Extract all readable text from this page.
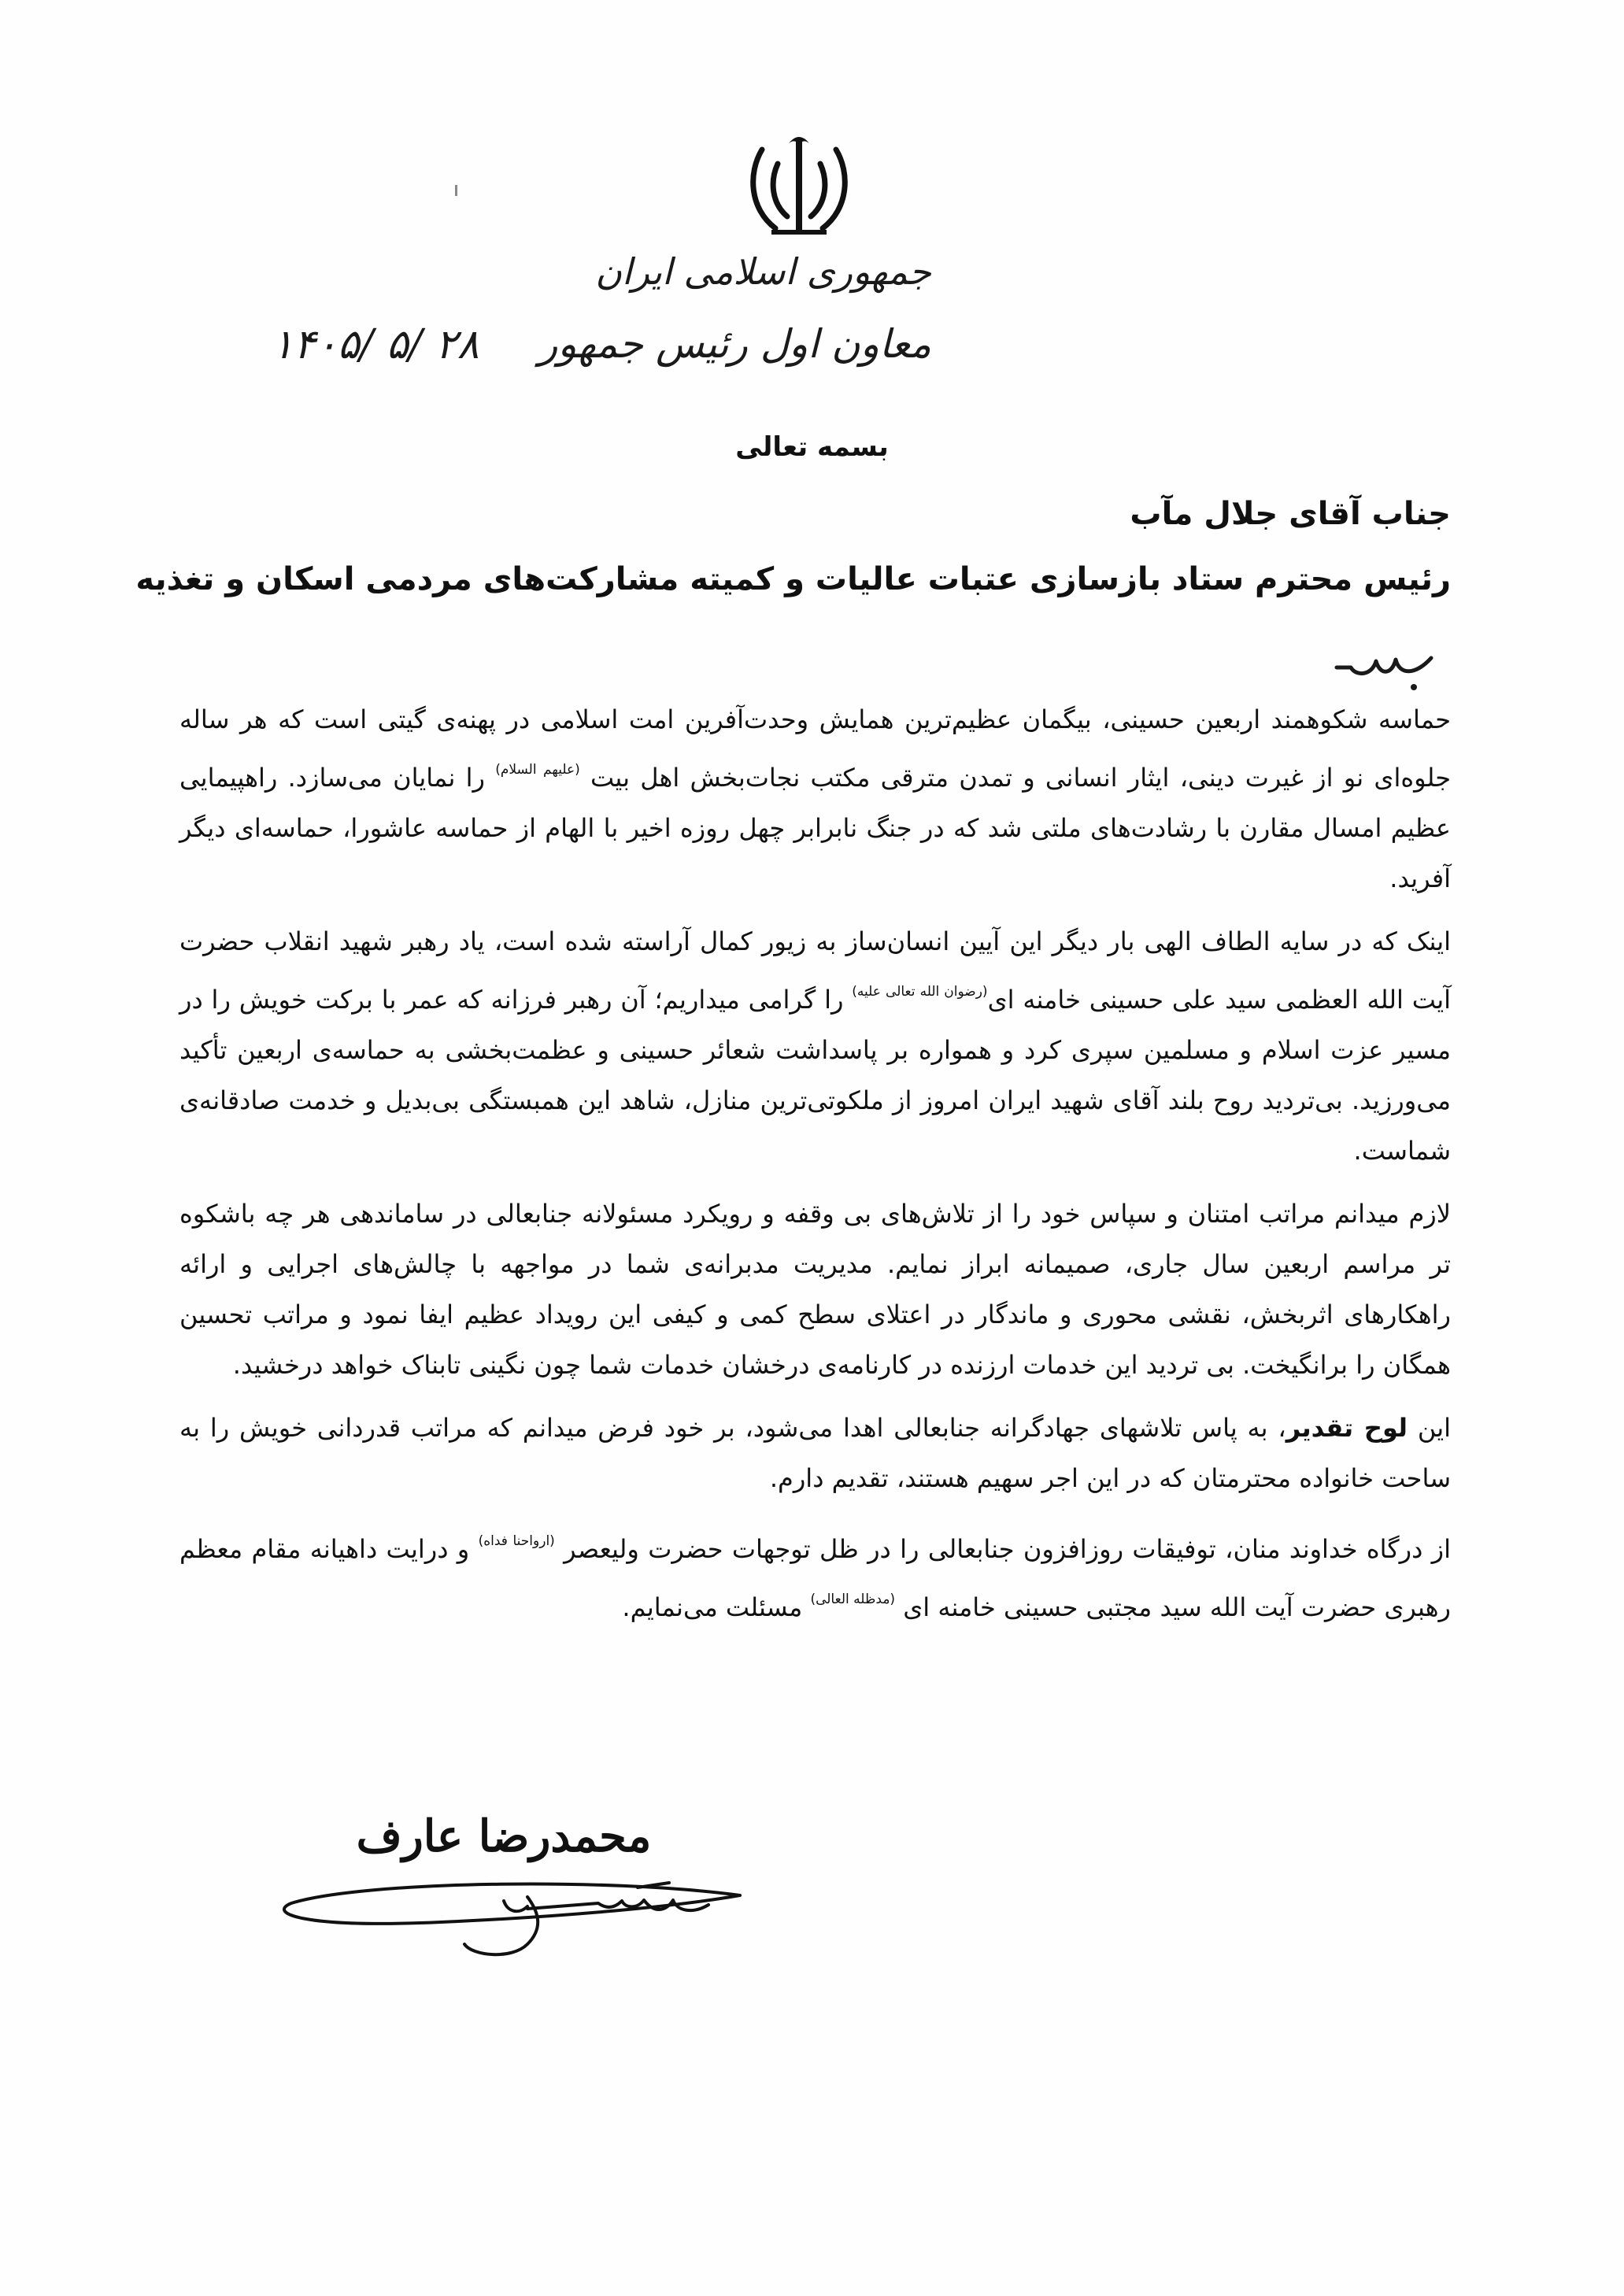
جمهوری اسلامی ایران
معاون اول رئیس جمهور
۱۴۰۵/ ۵/ ۲۸
بسمه تعالی
جناب آقای جلال مآب
رئیس محترم ستاد بازسازی عتبات عالیات و کمیته مشارکت‌های مردمی اسکان و تغذیه

حماسه شکوهمند اربعین حسینی، بیگمان عظیم‌ترین همایش وحدت‌آفرین امت اسلامی در پهنه‌ی گیتی است که هر ساله جلوه‌ای نو از غیرت دینی، ایثار انسانی و تمدن مترقی مکتب نجات‌بخش اهل بیت $^{(علیهم السلام)}$ را نمایان می‌سازد. راهپیمایی عظیم امسال مقارن با رشادت‌های ملتی شد که در جنگ نابرابر چهل روزه اخیر با الهام از حماسه عاشورا، حماسه‌ای دیگر آفرید.

اینک که در سایه الطاف الهی بار دیگر این آیین انسان‌ساز به زیور کمال آراسته شده است، یاد رهبر شهید انقلاب حضرت آیت الله العظمی سید علی حسینی خامنه ای$^{(رضوان الله تعالی علیه)}$ را گرامی میداریم؛ آن رهبر فرزانه که عمر با برکت خویش را در مسیر عزت اسلام و مسلمین سپری کرد و همواره بر پاسداشت شعائر حسینی و عظمت‌بخشی به حماسه‌ی اربعین تأکید می‌ورزید. بی‌تردید روح بلند آقای شهید ایران امروز از ملکوتی‌ترین منازل، شاهد این همبستگی بی‌بدیل و خدمت صادقانه‌ی شماست.

لازم میدانم مراتب امتنان و سپاس خود را از تلاش‌های بی وقفه و رویکرد مسئولانه جنابعالی در ساماندهی هر چه باشکوه تر مراسم اربعین سال جاری، صمیمانه ابراز نمایم. مدیریت مدبرانه‌ی شما در مواجهه با چالش‌های اجرایی و ارائه راهکارهای اثربخش، نقشی محوری و ماندگار در اعتلای سطح کمی و کیفی این رویداد عظیم ایفا نمود و مراتب تحسین همگان را برانگیخت. بی تردید این خدمات ارزنده در کارنامه‌ی درخشان خدمات شما چون نگینی تابناک خواهد درخشید.

این لوح تقدیر، به پاس تلاشهای جهادگرانه جنابعالی اهدا می‌شود، بر خود فرض میدانم که مراتب قدردانی خویش را به ساحت خانواده محترمتان که در این اجر سهیم هستند، تقدیم دارم.

از درگاه خداوند منان، توفیقات روزافزون جنابعالی را در ظل توجهات حضرت ولیعصر $^{(ارواحنا فداه)}$ و درایت داهیانه مقام معظم رهبری حضرت آیت الله سید مجتبی حسینی خامنه ای $^{(مدظله العالی)}$ مسئلت می‌نمایم.

محمدرضا عارف
